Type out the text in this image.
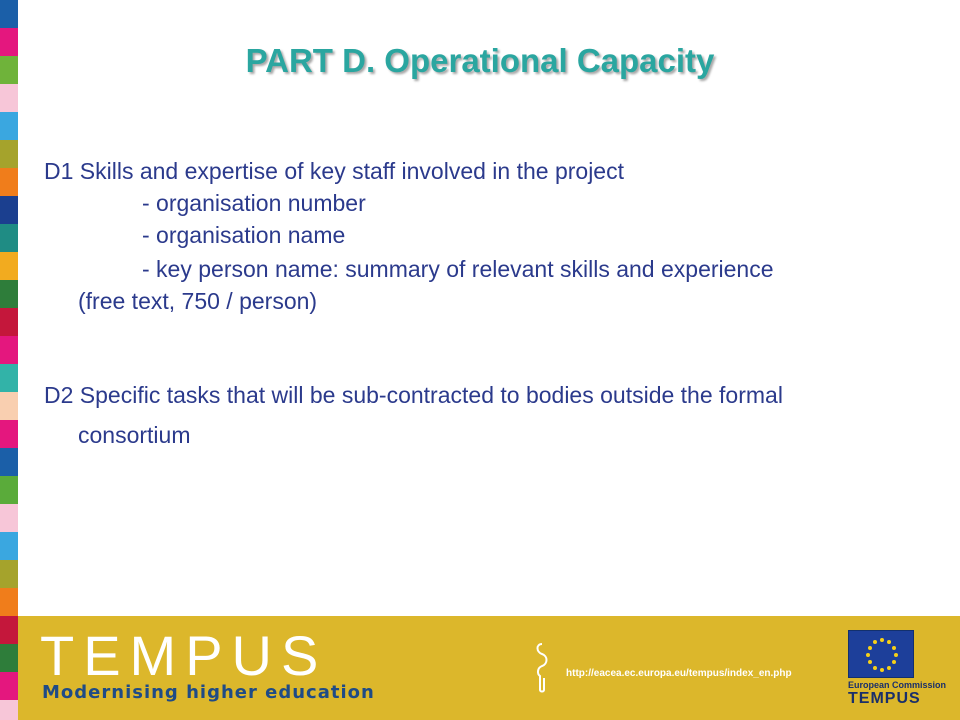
PART D. Operational Capacity
D1 Skills and expertise of key staff involved in the project
- organisation number
- organisation name
- key person name: summary of relevant skills and experience
(free text, 750 / person)
D2 Specific tasks that will be sub-contracted to bodies outside the formal
consortium
TEMPUS
Modernising higher education
http://eacea.ec.europa.eu/tempus/index_en.php
European Commission
TEMPUS
